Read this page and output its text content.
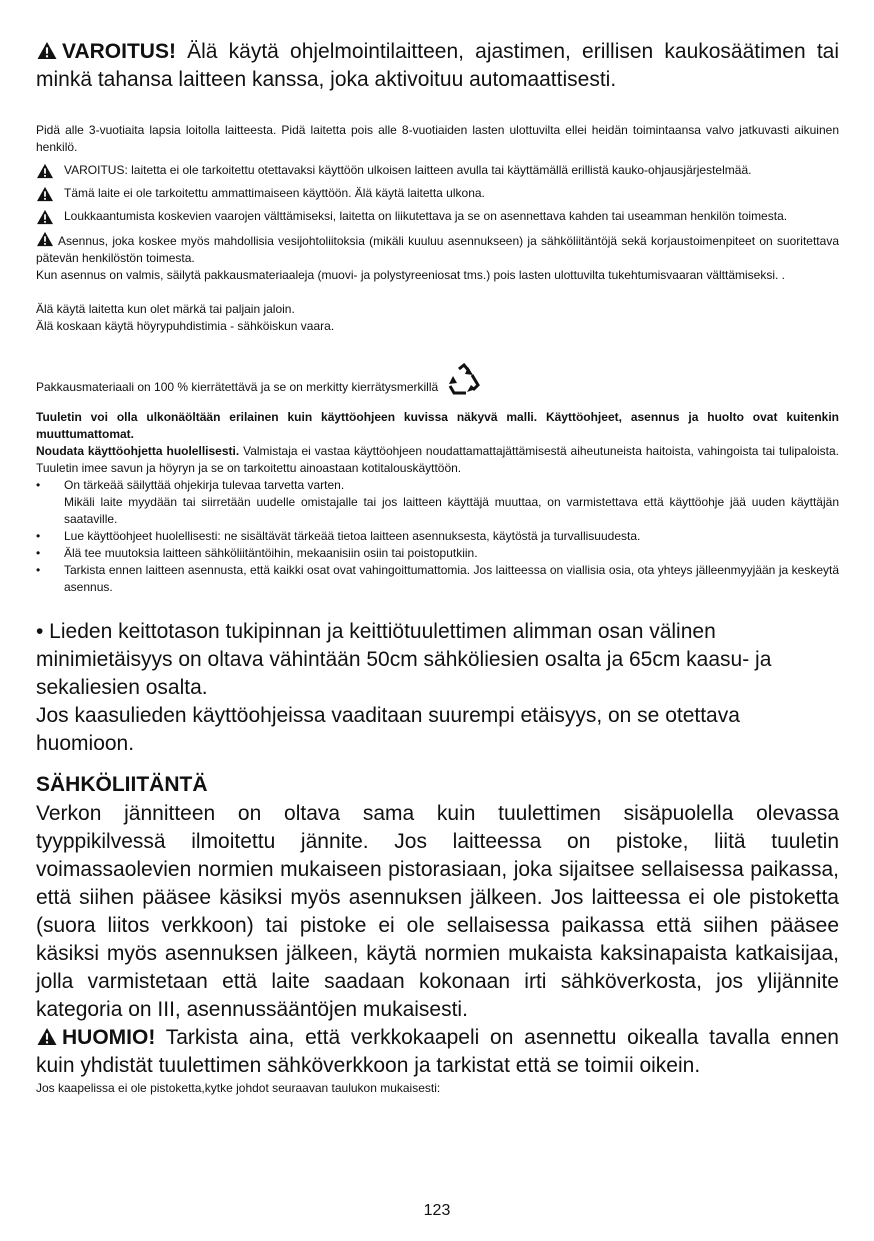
VAROITUS! Älä käytä ohjelmointilaitteen, ajastimen, erillisen kaukosäätimen tai minkä tahansa laitteen kanssa, joka aktivoituu automaattisesti.

Pidä alle 3-vuotiaita lapsia loitolla laitteesta. Pidä laitetta pois alle 8-vuotiaiden lasten ulottuvilta ellei heidän toimintaansa valvo jatkuvasti aikuinen henkilö.

VAROITUS: laitetta ei ole tarkoitettu otettavaksi käyttöön ulkoisen laitteen avulla tai käyttämällä erillistä kauko-ohjausjärjestelmää.

Tämä laite ei ole tarkoitettu ammattimaiseen käyttöön. Älä käytä laitetta ulkona.

Loukkaantumista koskevien vaarojen välttämiseksi, laitetta on liikutettava ja se on asennettava kahden tai useamman henkilön toimesta.

Asennus, joka koskee myös mahdollisia vesijohtoliitoksia (mikäli kuuluu asennukseen) ja sähköliitäntöjä sekä korjaustoimenpiteet on suoritettava pätevän henkilöstön toimesta.

Kun asennus on valmis, säilytä pakkausmateriaaleja (muovi- ja polystyreeniosat tms.) pois lasten ulottuvilta tukehtumisvaaran välttämiseksi. .

Älä käytä laitetta kun olet märkä tai paljain jaloin.

Älä koskaan käytä höyrypuhdistimia - sähköiskun vaara.

Pakkausmateriaali on 100 % kierrätettävä ja se on merkitty kierrätysmerkillä

Tuuletin voi olla ulkonäöltään erilainen kuin käyttöohjeen kuvissa näkyvä malli. Käyttöohjeet, asennus ja huolto ovat kuitenkin muuttumattomat.

Noudata käyttöohjetta huolellisesti. Valmistaja ei vastaa käyttöohjeen noudattamattajättämisestä aiheutuneista haitoista, vahingoista tai tulipaloista. Tuuletin imee savun ja höyryn ja se on tarkoitettu ainoastaan kotitalouskäyttöön.

• On tärkeää säilyttää ohjekirja tulevaa tarvetta varten.
Mikäli laite myydään tai siirretään uudelle omistajalle tai jos laitteen käyttäjä muuttaa, on varmistettava että käyttöohje jää uuden käyttäjän saataville.
• Lue käyttöohjeet huolellisesti: ne sisältävät tärkeää tietoa laitteen asennuksesta, käytöstä ja turvallisuudesta.
• Älä tee muutoksia laitteen sähköliitäntöihin, mekaanisiin osiin tai poistoputkiin.
• Tarkista ennen laitteen asennusta, että kaikki osat ovat vahingoittumattomia. Jos laitteessa on viallisia osia, ota yhteys jälleenmyyjään ja keskeytä asennus.

• Lieden keittotason tukipinnan ja keittiötuulettimen alimman osan välinen minimietäisyys on oltava vähintään 50cm sähköliesien osalta ja 65cm kaasu- ja sekaliesien osalta.

Jos kaasulieden käyttöohjeissa vaaditaan suurempi etäisyys, on se otettava huomioon.

SÄHKÖLIITÄNTÄ

Verkon jännitteen on oltava sama kuin tuulettimen sisäpuolella olevassa tyyppikilvessä ilmoitettu jännite. Jos laitteessa on pistoke, liitä tuuletin voimassaolevien normien mukaiseen pistorasiaan, joka sijaitsee sellaisessa paikassa, että siihen pääsee käsiksi myös asennuksen jälkeen. Jos laitteessa ei ole pistoketta (suora liitos verkkoon) tai pistoke ei ole sellaisessa paikassa että siihen pääsee käsiksi myös asennuksen jälkeen, käytä normien mukaista kaksinapaista katkaisijaa, jolla varmistetaan että laite saadaan kokonaan irti sähköverkosta, jos ylijännite kategoria on III, asennussääntöjen mukaisesti.

HUOMIO! Tarkista aina, että verkkokaapeli on asennettu oikealla tavalla ennen kuin yhdistät tuulettimen sähköverkkoon ja tarkistat että se toimii oikein.

Jos kaapelissa ei ole pistoketta,kytke johdot seuraavan taulukon mukaisesti:

123
